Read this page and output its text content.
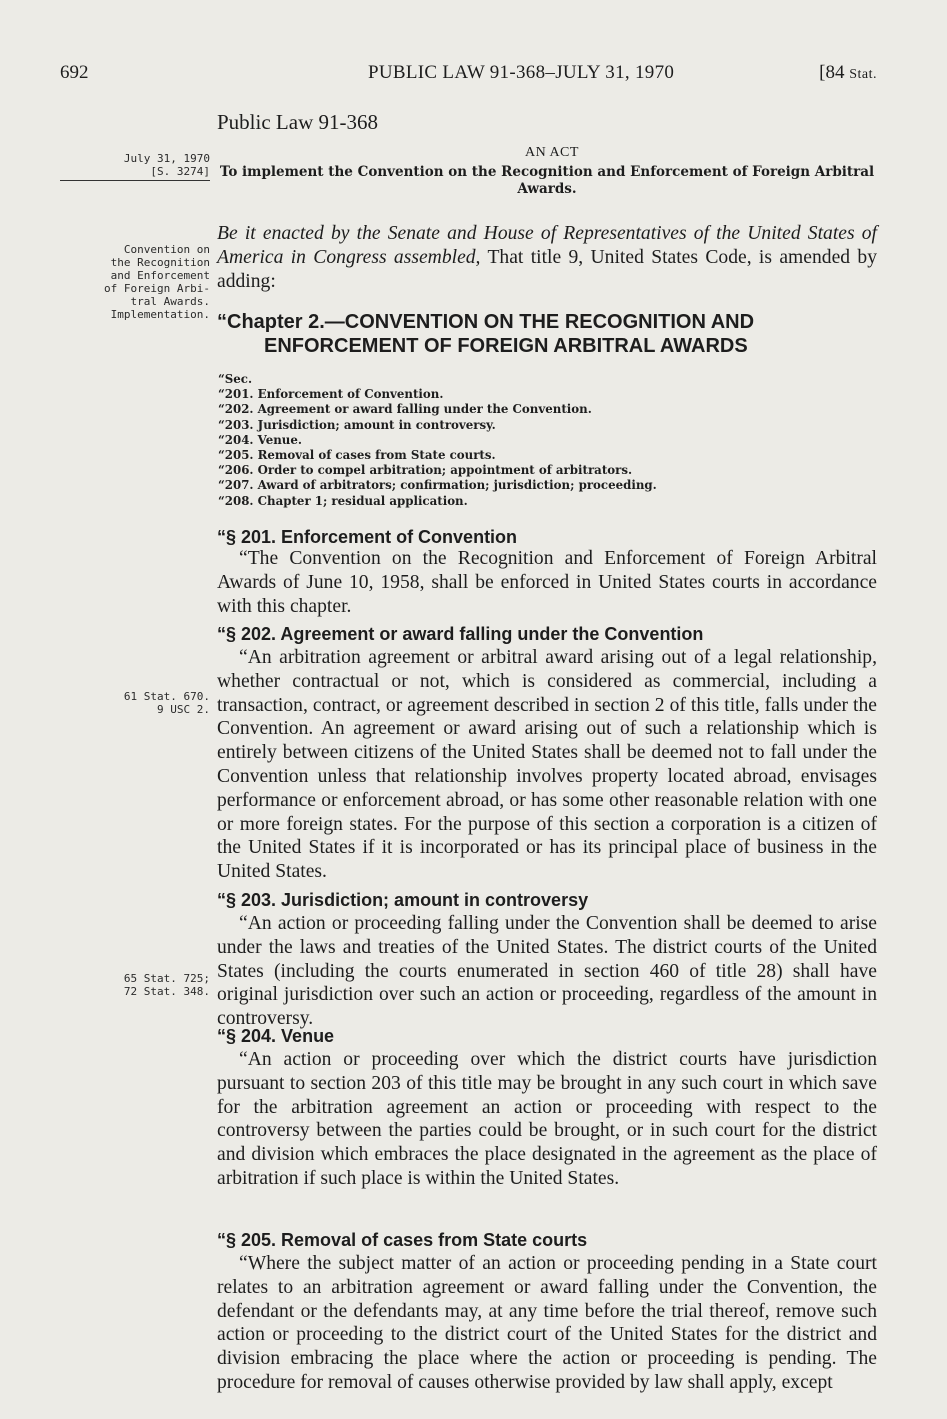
692	PUBLIC LAW 91-368–JULY 31, 1970	[84 Stat.
Public Law 91-368
July 31, 1970
[S. 3274]
AN ACT
To implement the Convention on the Recognition and Enforcement of Foreign Arbitral Awards.
Be it enacted by the Senate and House of Representatives of the United States of America in Congress assembled, That title 9, United States Code, is amended by adding:
Convention on
the Recognition
and Enforcement
of Foreign Arbi-
tral Awards.
Implementation. “Chapter 2.—CONVENTION ON THE RECOGNITION AND
ENFORCEMENT OF FOREIGN ARBITRAL AWARDS
“Sec.
“201. Enforcement of Convention.
“202. Agreement or award falling under the Convention.
“203. Jurisdiction; amount in controversy.
“204. Venue.
“205. Removal of cases from State courts.
“206. Order to compel arbitration; appointment of arbitrators.
“207. Award of arbitrators; confirmation; jurisdiction; proceeding.
“208. Chapter 1; residual application.
“§ 201. Enforcement of Convention
“The Convention on the Recognition and Enforcement of Foreign Arbitral Awards of June 10, 1958, shall be enforced in United States courts in accordance with this chapter.
“§ 202. Agreement or award falling under the Convention
“An arbitration agreement or arbitral award arising out of a legal relationship, whether contractual or not, which is considered as commercial, including a transaction, contract, or agreement described in section 2 of this title, falls under the Convention. An agreement or award arising out of such a relationship which is entirely between citizens of the United States shall be deemed not to fall under the Convention unless that relationship involves property located abroad, envisages performance or enforcement abroad, or has some other reasonable relation with one or more foreign states. For the purpose of this section a corporation is a citizen of the United States if it is incorporated or has its principal place of business in the United States.
61 Stat. 670.
9 USC 2.
“§ 203. Jurisdiction; amount in controversy
“An action or proceeding falling under the Convention shall be deemed to arise under the laws and treaties of the United States. The district courts of the United States (including the courts enumerated in section 460 of title 28) shall have original jurisdiction over such an action or proceeding, regardless of the amount in controversy.
65 Stat. 725;
72 Stat. 348.
“§ 204. Venue
“An action or proceeding over which the district courts have jurisdiction pursuant to section 203 of this title may be brought in any such court in which save for the arbitration agreement an action or proceeding with respect to the controversy between the parties could be brought, or in such court for the district and division which embraces the place designated in the agreement as the place of arbitration if such place is within the United States.
“§ 205. Removal of cases from State courts
“Where the subject matter of an action or proceeding pending in a State court relates to an arbitration agreement or award falling under the Convention, the defendant or the defendants may, at any time before the trial thereof, remove such action or proceeding to the district court of the United States for the district and division embracing the place where the action or proceeding is pending. The procedure for removal of causes otherwise provided by law shall apply, except
